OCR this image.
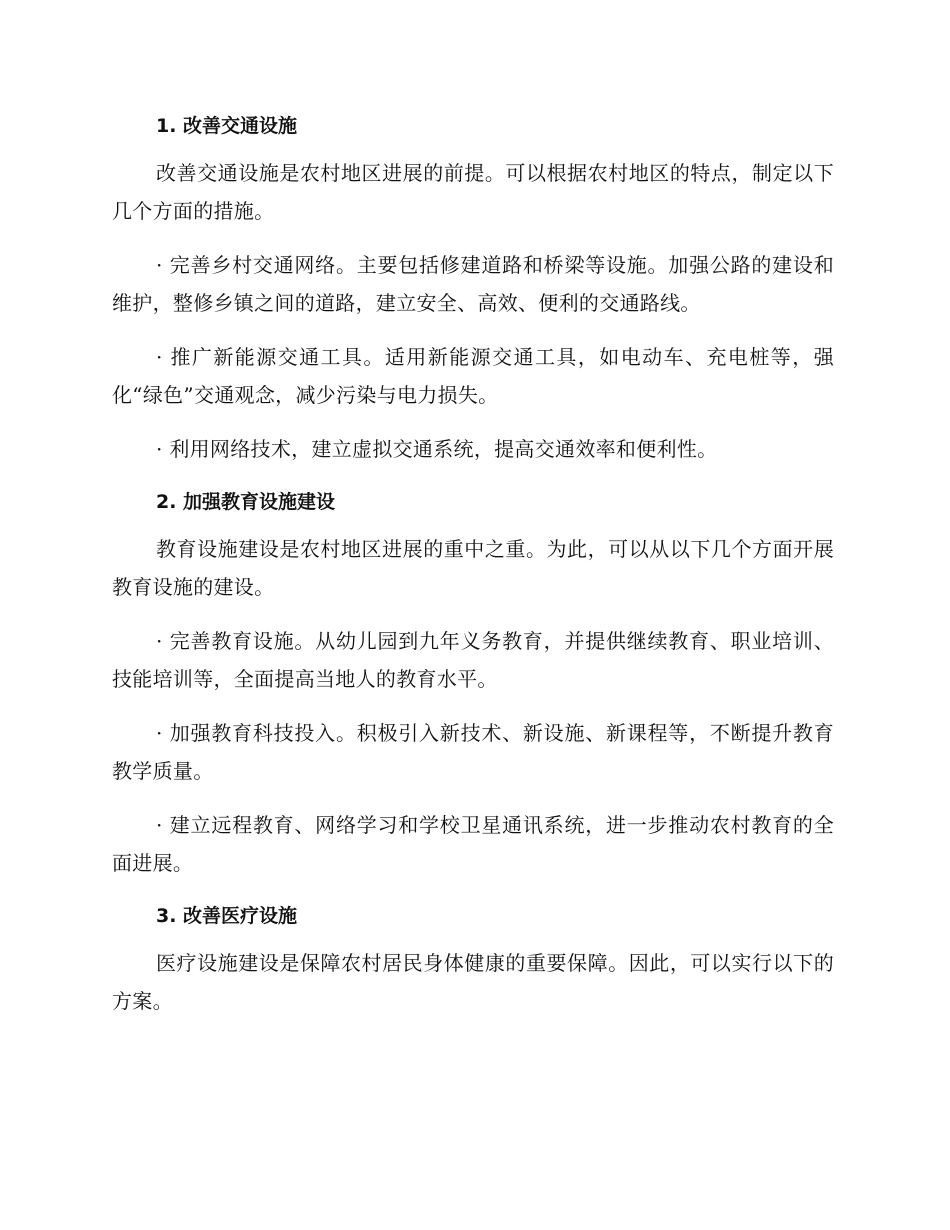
1. 改善交通设施

改善交通设施是农村地区进展的前提。可以根据农村地区的特点，制定以下几个方面的措施。

· 完善乡村交通网络。主要包括修建道路和桥梁等设施。加强公路的建设和维护，整修乡镇之间的道路，建立安全、高效、便利的交通路线。

· 推广新能源交通工具。适用新能源交通工具，如电动车、充电桩等，强化“绿色”交通观念，减少污染与电力损失。

· 利用网络技术，建立虚拟交通系统，提高交通效率和便利性。

2. 加强教育设施建设

教育设施建设是农村地区进展的重中之重。为此，可以从以下几个方面开展教育设施的建设。

· 完善教育设施。从幼儿园到九年义务教育，并提供继续教育、职业培训、技能培训等，全面提高当地人的教育水平。

· 加强教育科技投入。积极引入新技术、新设施、新课程等，不断提升教育教学质量。

· 建立远程教育、网络学习和学校卫星通讯系统，进一步推动农村教育的全面进展。

3. 改善医疗设施

医疗设施建设是保障农村居民身体健康的重要保障。因此，可以实行以下的方案。
